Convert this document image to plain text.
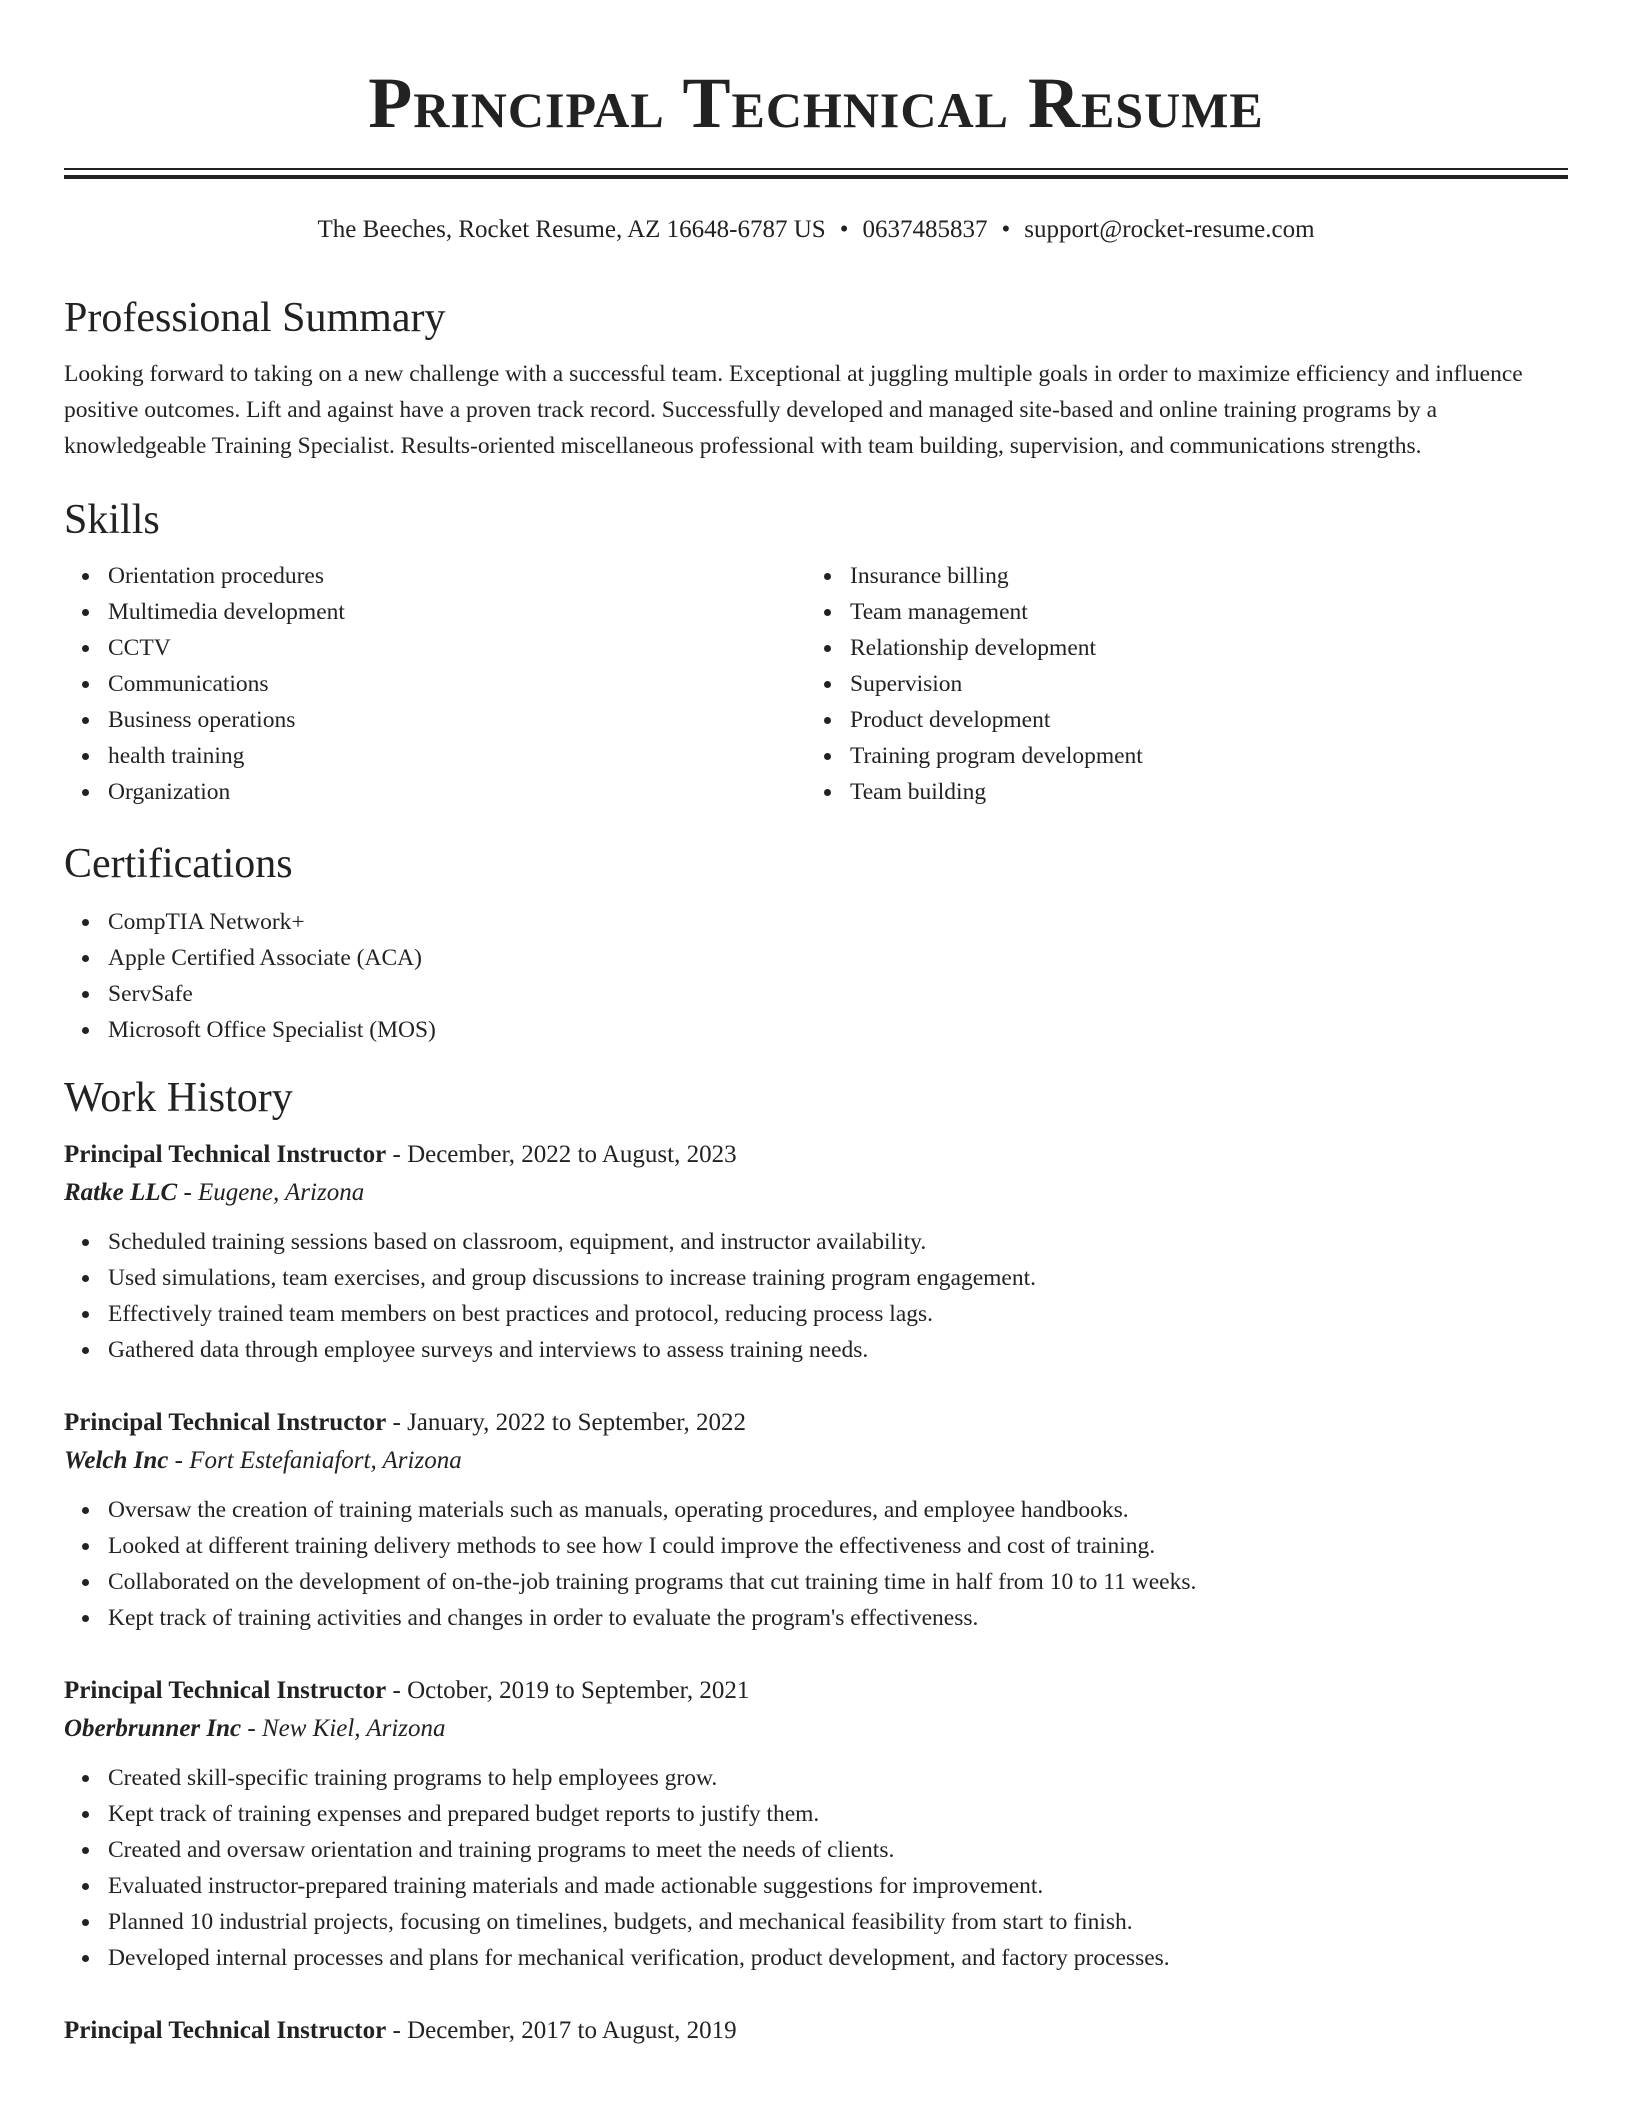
Principal Technical Resume
The Beeches, Rocket Resume, AZ 16648-6787 US • 0637485837 • support@rocket-resume.com
Professional Summary

Looking forward to taking on a new challenge with a successful team. Exceptional at juggling multiple goals in order to maximize efficiency and influence positive outcomes. Lift and against have a proven track record. Successfully developed and managed site-based and online training programs by a knowledgeable Training Specialist. Results-oriented miscellaneous professional with team building, supervision, and communications strengths.

Skills
Orientation procedures
Multimedia development
CCTV
Communications
Business operations
health training
Organization
Insurance billing
Team management
Relationship development
Supervision
Product development
Training program development
Team building
Certifications
CompTIA Network+
Apple Certified Associate (ACA)
ServSafe
Microsoft Office Specialist (MOS)
Work History
Principal Technical Instructor - December, 2022 to August, 2023
Ratke LLC - Eugene, Arizona
Scheduled training sessions based on classroom, equipment, and instructor availability.
Used simulations, team exercises, and group discussions to increase training program engagement.
Effectively trained team members on best practices and protocol, reducing process lags.
Gathered data through employee surveys and interviews to assess training needs.
Principal Technical Instructor - January, 2022 to September, 2022
Welch Inc - Fort Estefaniafort, Arizona
Oversaw the creation of training materials such as manuals, operating procedures, and employee handbooks.
Looked at different training delivery methods to see how I could improve the effectiveness and cost of training.
Collaborated on the development of on-the-job training programs that cut training time in half from 10 to 11 weeks.
Kept track of training activities and changes in order to evaluate the program's effectiveness.
Principal Technical Instructor - October, 2019 to September, 2021
Oberbrunner Inc - New Kiel, Arizona
Created skill-specific training programs to help employees grow.
Kept track of training expenses and prepared budget reports to justify them.
Created and oversaw orientation and training programs to meet the needs of clients.
Evaluated instructor-prepared training materials and made actionable suggestions for improvement.
Planned 10 industrial projects, focusing on timelines, budgets, and mechanical feasibility from start to finish.
Developed internal processes and plans for mechanical verification, product development, and factory processes.
Principal Technical Instructor - December, 2017 to August, 2019
